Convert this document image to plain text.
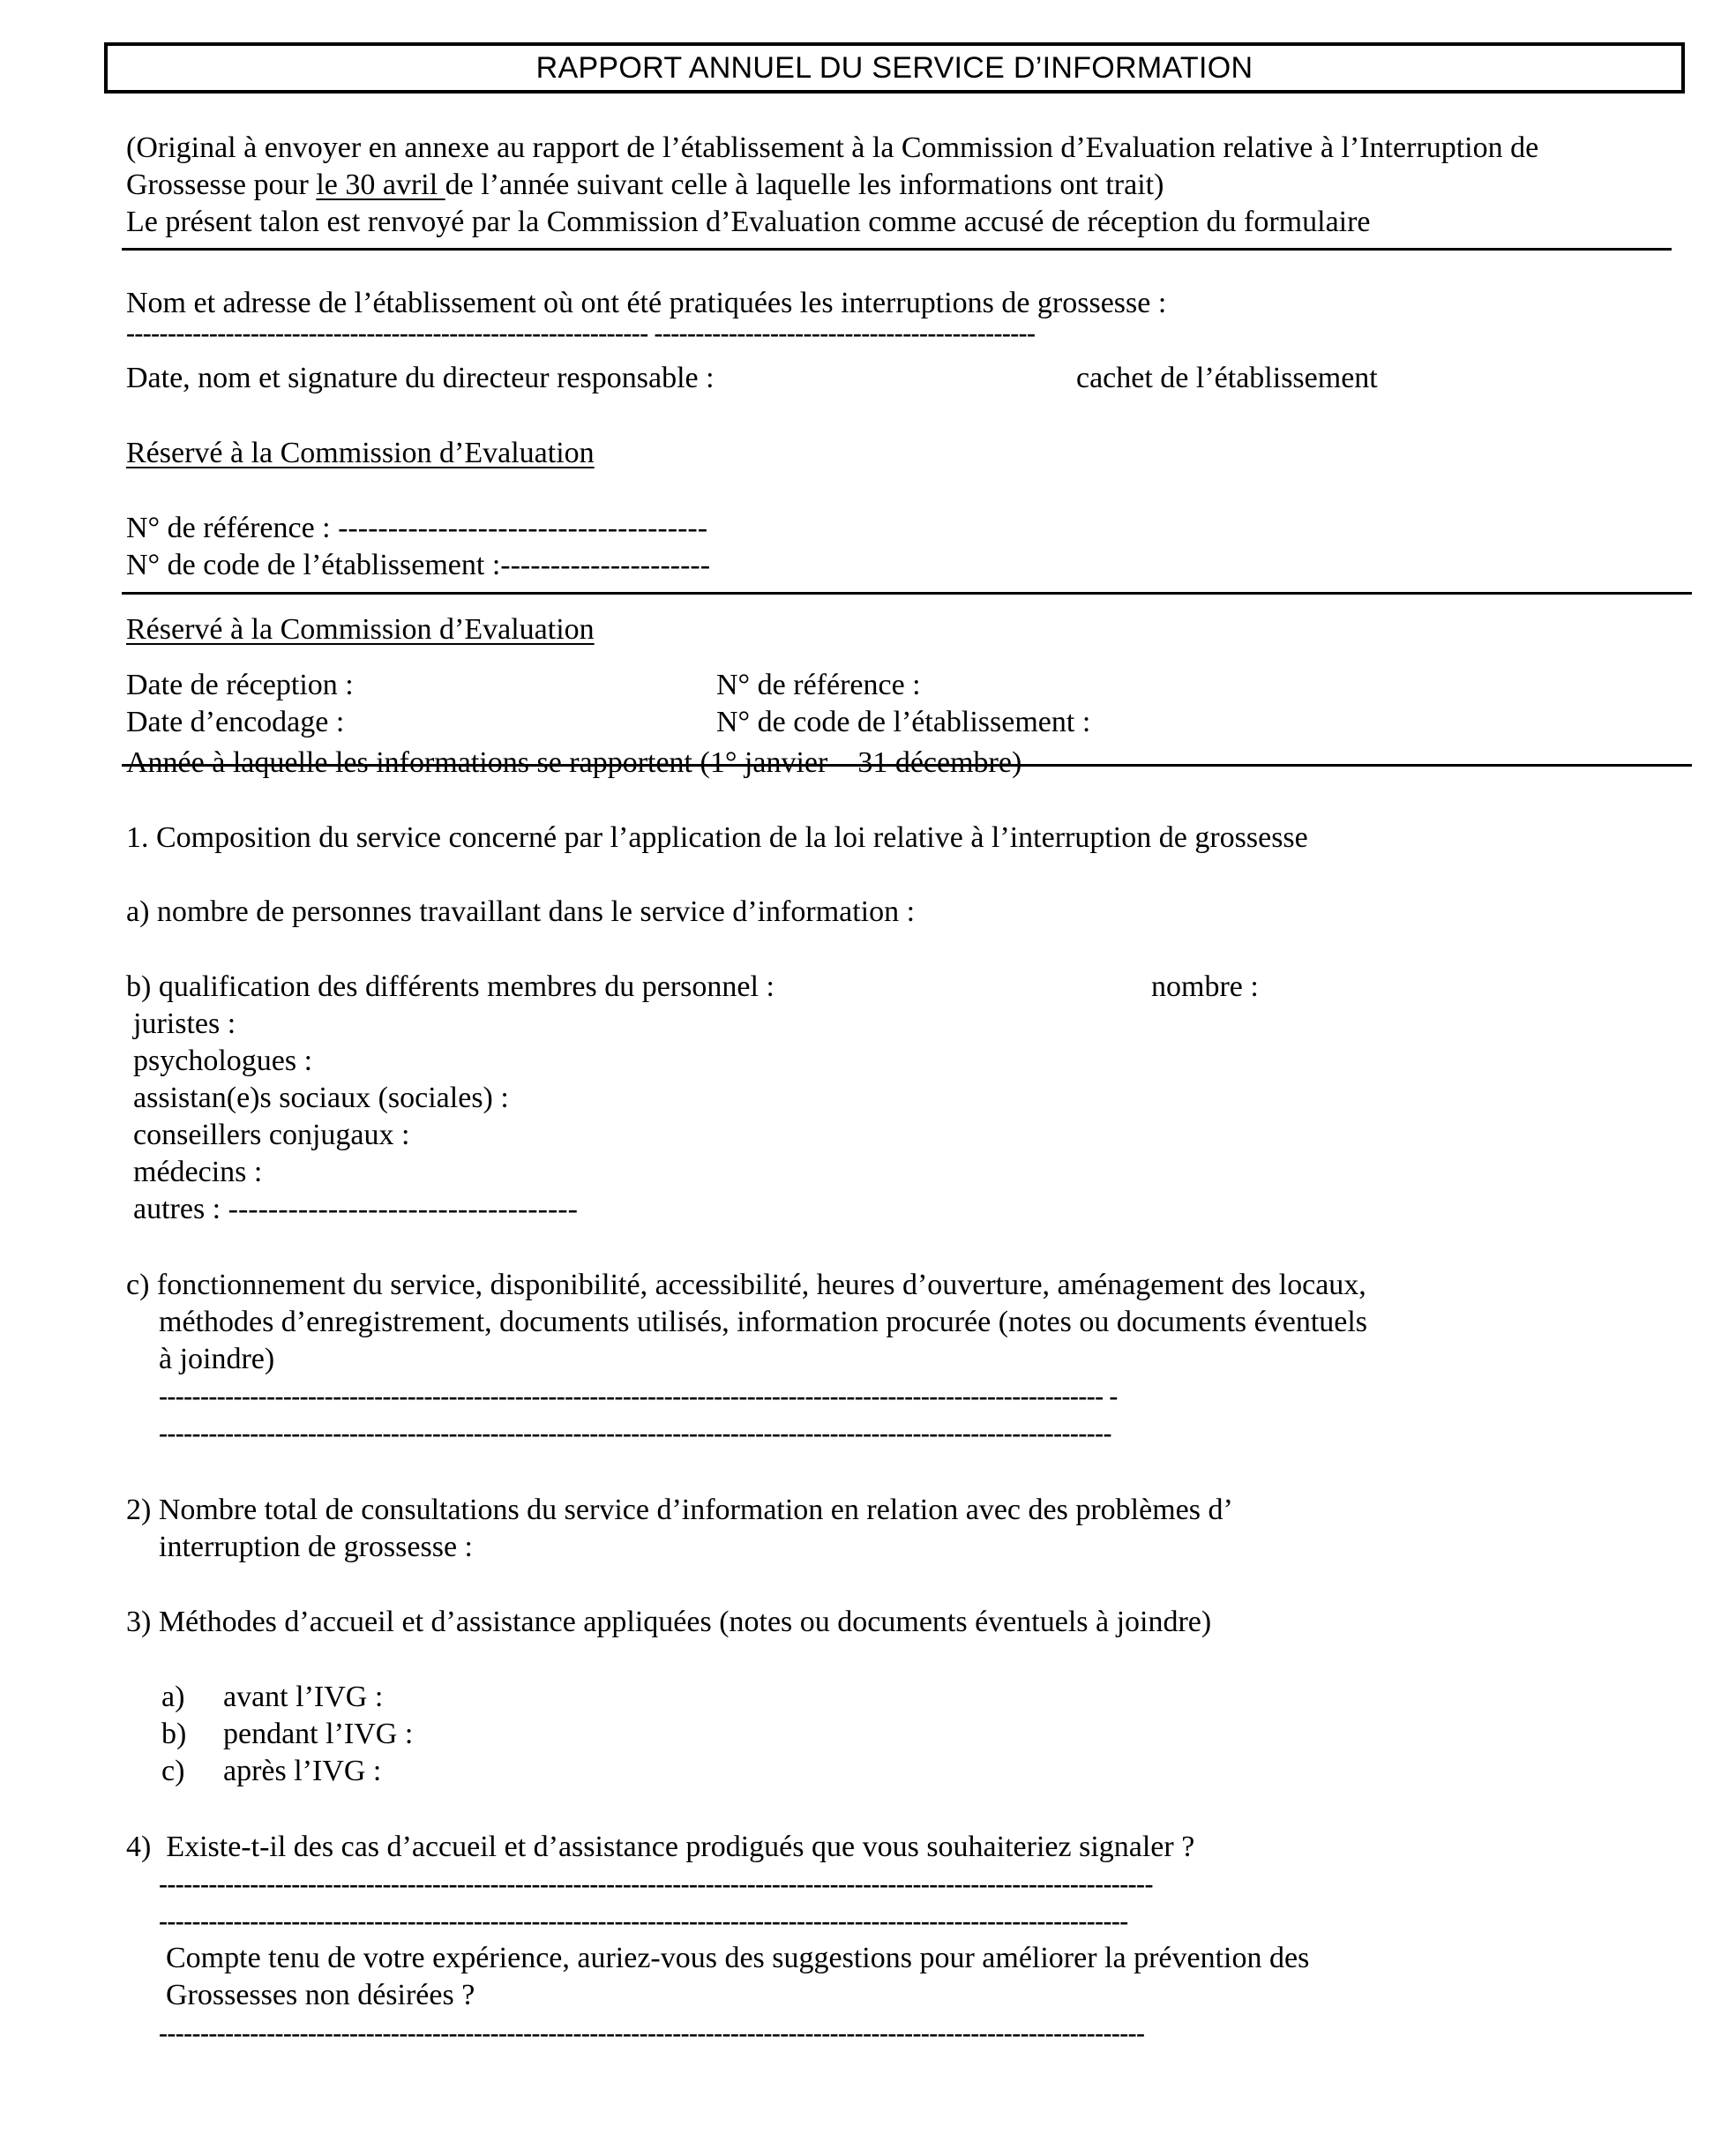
RAPPORT ANNUEL DU SERVICE D’INFORMATION
(Original à envoyer en annexe au rapport de l’établissement à la Commission d’Evaluation relative à l’Interruption de
Grossesse pour le 30 avril de l’année suivant celle à laquelle les informations ont trait)
Le présent talon est renvoyé par la Commission d’Evaluation comme accusé de réception du formulaire
Nom et adresse de l’établissement où ont été pratiquées les interruptions de grossesse :
--------------------------------------------------------------- ----------------------------------------------
Date, nom et signature du directeur responsable :	cachet de l’établissement
Réservé à la Commission d’Evaluation
N° de référence : -------------------------------------
N° de code de l’établissement :---------------------
Réservé à la Commission d’Evaluation
Date de réception :	N° de référence :
Date d’encodage :	N° de code de l’établissement :
Année à laquelle les informations se rapportent (1° janvier – 31 décembre)
1. Composition du service concerné par l’application de la loi relative à l’interruption de grossesse
a) nombre de personnes travaillant dans le service d’information :
b) qualification des différents membres du personnel :	nombre :
juristes :
psychologues :
assistan(e)s sociaux (sociales) :
conseillers conjugaux :
médecins :
autres : -----------------------------------
c) fonctionnement du service, disponibilité, accessibilité, heures d’ouverture, aménagement des locaux,
méthodes d’enregistrement, documents utilisés, information procurée (notes ou documents éventuels
à joindre)
------------------------------------------------------------------------------------------------------------------ -
-------------------------------------------------------------------------------------------------------------------
2) Nombre total de consultations du service d’information en relation avec des problèmes d’
interruption de grossesse :
3) Méthodes d’accueil et d’assistance appliquées (notes ou documents éventuels à joindre)
a) avant l’IVG :
b) pendant l’IVG :
c) après l’IVG :
4)  Existe-t-il des cas d’accueil et d’assistance prodigués que vous souhaiteriez signaler ?
------------------------------------------------------------------------------------------------------------------------
---------------------------------------------------------------------------------------------------------------------
Compte tenu de votre expérience, auriez-vous des suggestions pour améliorer la prévention des
Grossesses non désirées ?
-----------------------------------------------------------------------------------------------------------------------
